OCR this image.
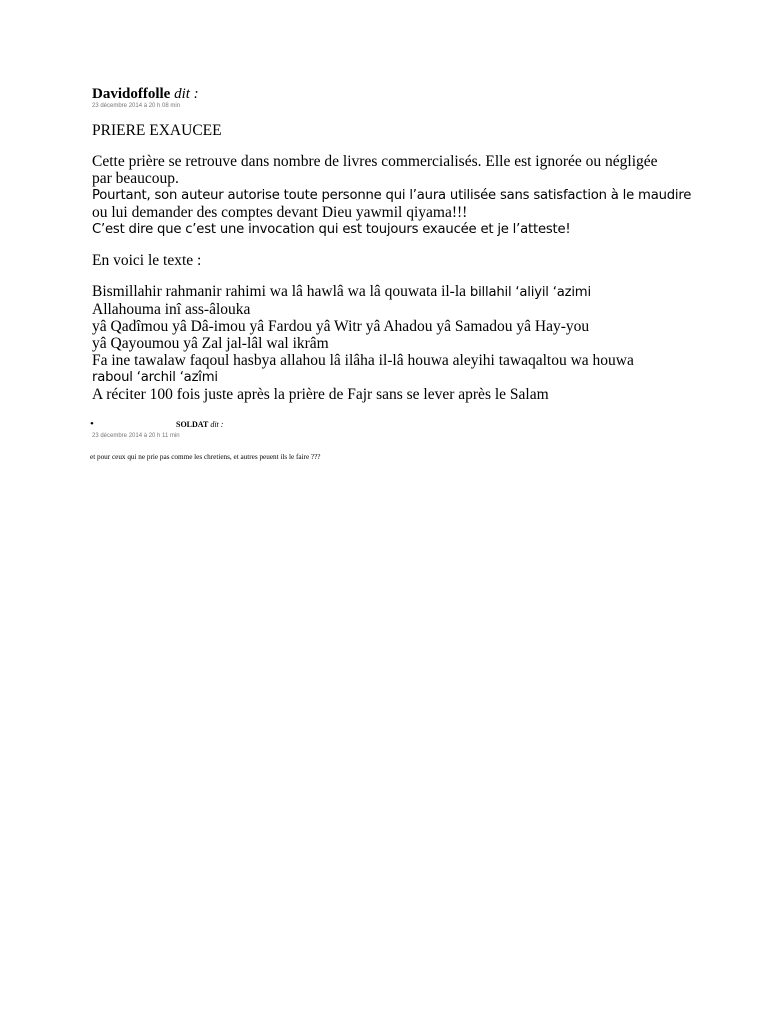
Davidoffolle dit :
23 décembre 2014 à 20 h 08 min
PRIERE EXAUCEE
Cette prière se retrouve dans nombre de livres commercialisés. Elle est ignorée ou négligée
par beaucoup.
Pourtant, son auteur autorise toute personne qui l’aura utilisée sans satisfaction à le maudire
ou lui demander des comptes devant Dieu yawmil qiyama!!!
C’est dire que c’est une invocation qui est toujours exaucée et je l’atteste!
En voici le texte :
Bismillahir rahmanir rahimi wa lâ hawlâ wa lâ qouwata il-la billahil ‘aliyil ‘azimi
Allahouma inî ass-âlouka
yâ Qadîmou yâ Dâ-imou yâ Fardou yâ Witr yâ Ahadou yâ Samadou yâ Hay-you
yâ Qayoumou yâ Zal jal-lâl wal ikrâm
Fa ine tawalaw faqoul hasbya allahou lâ ilâha il-lâ houwa aleyihi tawaqaltou wa houwa
raboul ‘archil ‘azîmi
A réciter 100 fois juste après la prière de Fajr sans se lever après le Salam
•	SOLDAT dit :
23 décembre 2014 à 20 h 11 min
et pour ceux qui ne prie pas comme les chretiens, et autres peuent ils le faire ???
